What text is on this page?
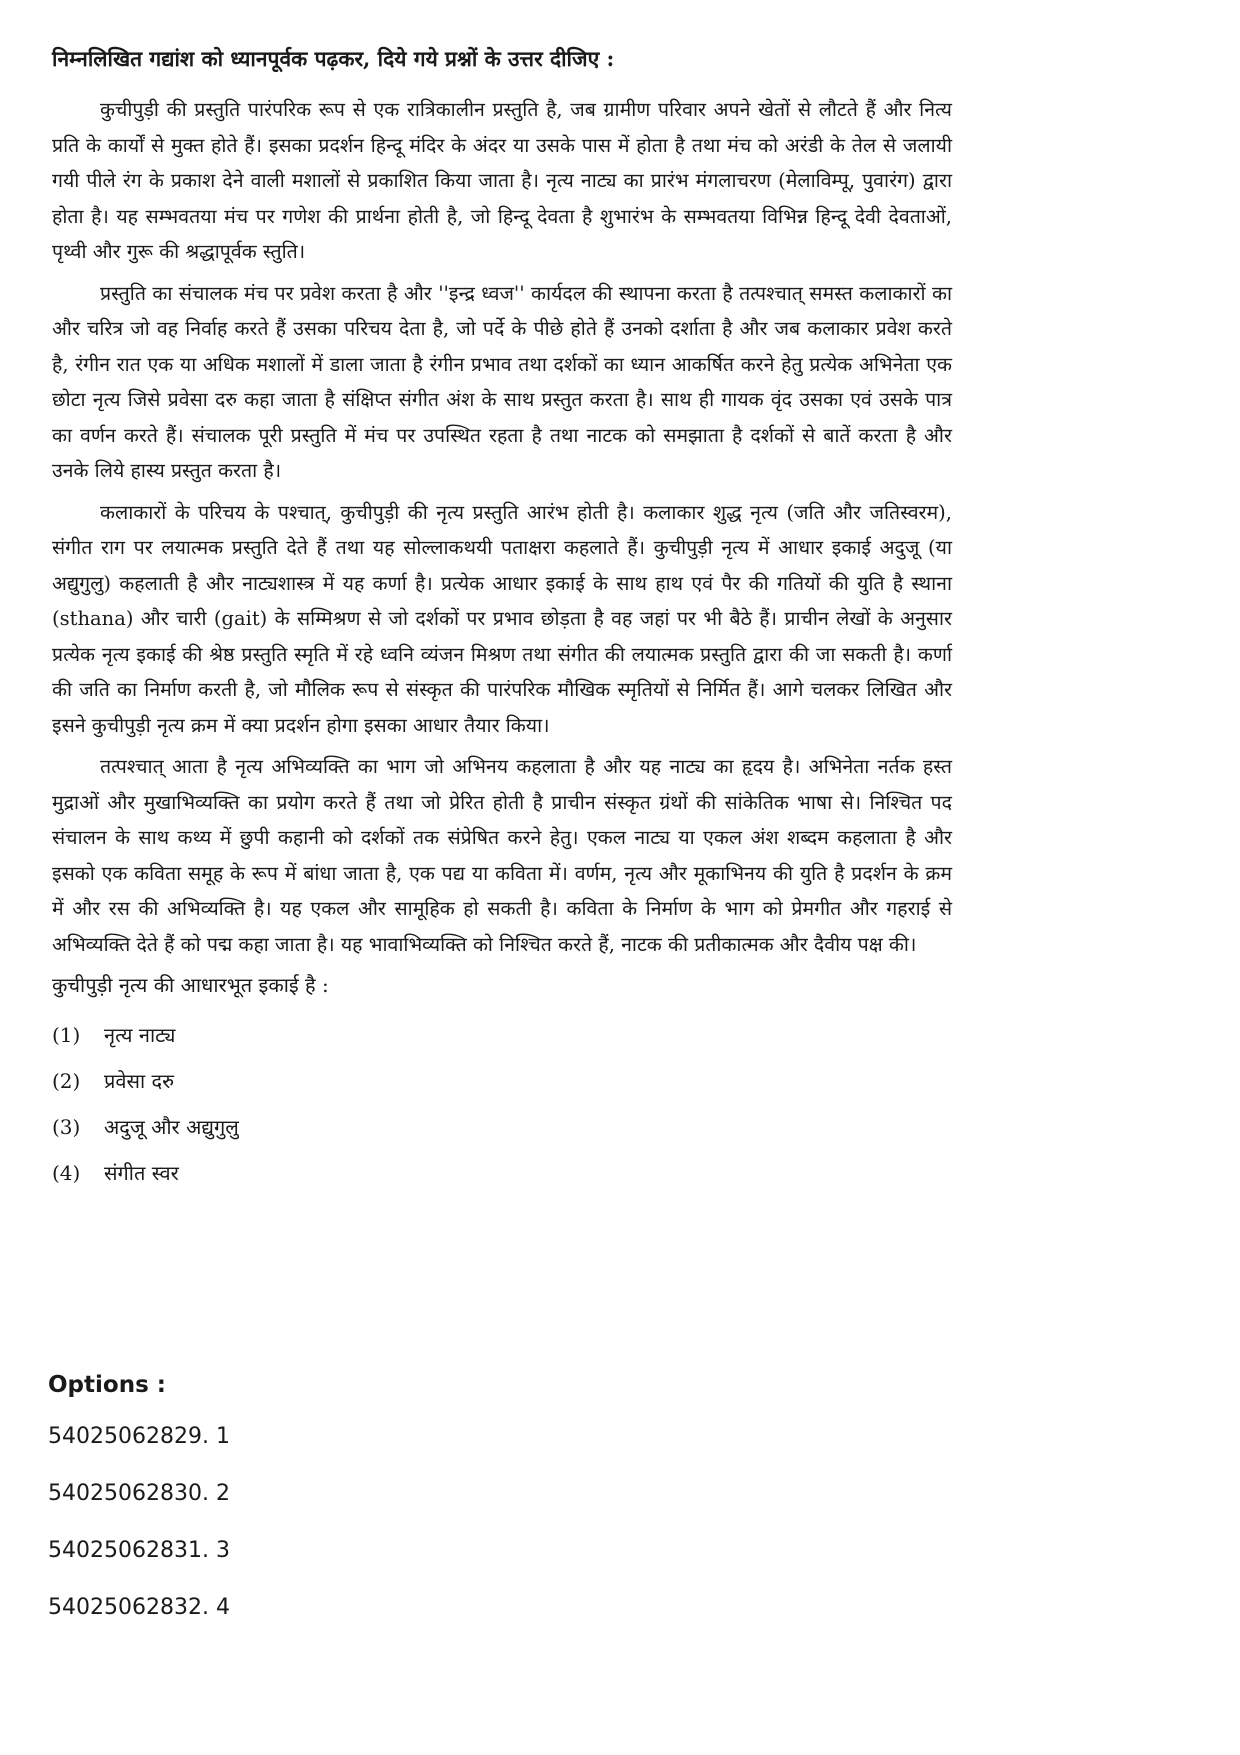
निम्नलिखित गद्यांश को ध्यानपूर्वक पढ़कर, दिये गये प्रश्नों के उत्तर दीजिए :

कुचीपुड़ी की प्रस्तुति पारंपरिक रूप से एक रात्रिकालीन प्रस्तुति है, जब ग्रामीण परिवार अपने खेतों से लौटते हैं और नित्य प्रति के कार्यों से मुक्त होते हैं। इसका प्रदर्शन हिन्दू मंदिर के अंदर या उसके पास में होता है तथा मंच को अरंडी के तेल से जलायी गयी पीले रंग के प्रकाश देने वाली मशालों से प्रकाशित किया जाता है। नृत्य नाट्य का प्रारंभ मंगलाचरण (मेलाविम्पू, पुवारंग) द्वारा होता है। यह सम्भवतया मंच पर गणेश की प्रार्थना होती है, जो हिन्दू देवता है शुभारंभ के सम्भवतया विभिन्न हिन्दू देवी देवताओं, पृथ्वी और गुरू की श्रद्धापूर्वक स्तुति।

प्रस्तुति का संचालक मंच पर प्रवेश करता है और ''इन्द्र ध्वज'' कार्यदल की स्थापना करता है तत्पश्चात् समस्त कलाकारों का और चरित्र जो वह निर्वाह करते हैं उसका परिचय देता है, जो पर्दे के पीछे होते हैं उनको दर्शाता है और जब कलाकार प्रवेश करते है, रंगीन रात एक या अधिक मशालों में डाला जाता है रंगीन प्रभाव तथा दर्शकों का ध्यान आकर्षित करने हेतु प्रत्येक अभिनेता एक छोटा नृत्य जिसे प्रवेसा दरु कहा जाता है संक्षिप्त संगीत अंश के साथ प्रस्तुत करता है। साथ ही गायक वृंद उसका एवं उसके पात्र का वर्णन करते हैं। संचालक पूरी प्रस्तुति में मंच पर उपस्थित रहता है तथा नाटक को समझाता है दर्शकों से बातें करता है और उनके लिये हास्य प्रस्तुत करता है।

कलाकारों के परिचय के पश्चात्, कुचीपुड़ी की नृत्य प्रस्तुति आरंभ होती है। कलाकार शुद्ध नृत्य (जति और जतिस्वरम), संगीत राग पर लयात्मक प्रस्तुति देते हैं तथा यह सोल्लाकथयी पताक्षरा कहलाते हैं। कुचीपुड़ी नृत्य में आधार इकाई अदुजू (या अद्युगुलु) कहलाती है और नाट्यशास्त्र में यह कर्णा है। प्रत्येक आधार इकाई के साथ हाथ एवं पैर की गतियों की युति है स्थाना (sthana) और चारी (gait) के सम्मिश्रण से जो दर्शकों पर प्रभाव छोड़ता है वह जहां पर भी बैठे हैं। प्राचीन लेखों के अनुसार प्रत्येक नृत्य इकाई की श्रेष्ठ प्रस्तुति स्मृति में रहे ध्वनि व्यंजन मिश्रण तथा संगीत की लयात्मक प्रस्तुति द्वारा की जा सकती है। कर्णा की जति का निर्माण करती है, जो मौलिक रूप से संस्कृत की पारंपरिक मौखिक स्मृतियों से निर्मित हैं। आगे चलकर लिखित और इसने कुचीपुड़ी नृत्य क्रम में क्या प्रदर्शन होगा इसका आधार तैयार किया।

तत्पश्चात् आता है नृत्य अभिव्यक्ति का भाग जो अभिनय कहलाता है और यह नाट्य का हृदय है। अभिनेता नर्तक हस्त मुद्राओं और मुखाभिव्यक्ति का प्रयोग करते हैं तथा जो प्रेरित होती है प्राचीन संस्कृत ग्रंथों की सांकेतिक भाषा से। निश्चित पद संचालन के साथ कथ्य में छुपी कहानी को दर्शकों तक संप्रेषित करने हेतु। एकल नाट्य या एकल अंश शब्दम कहलाता है और इसको एक कविता समूह के रूप में बांधा जाता है, एक पद्य या कविता में। वर्णम, नृत्य और मूकाभिनय की युति है प्रदर्शन के क्रम में और रस की अभिव्यक्ति है। यह एकल और सामूहिक हो सकती है। कविता के निर्माण के भाग को प्रेमगीत और गहराई से अभिव्यक्ति देते हैं को पद्म कहा जाता है। यह भावाभिव्यक्ति को निश्चित करते हैं, नाटक की प्रतीकात्मक और दैवीय पक्ष की।

कुचीपुड़ी नृत्य की आधारभूत इकाई है :

(1)	नृत्य नाट्य
(2)	प्रवेसा दरु
(3)	अदुजू और अद्युगुलु
(4)	संगीत स्वर

Options :

54025062829. 1

54025062830. 2

54025062831. 3

54025062832. 4
